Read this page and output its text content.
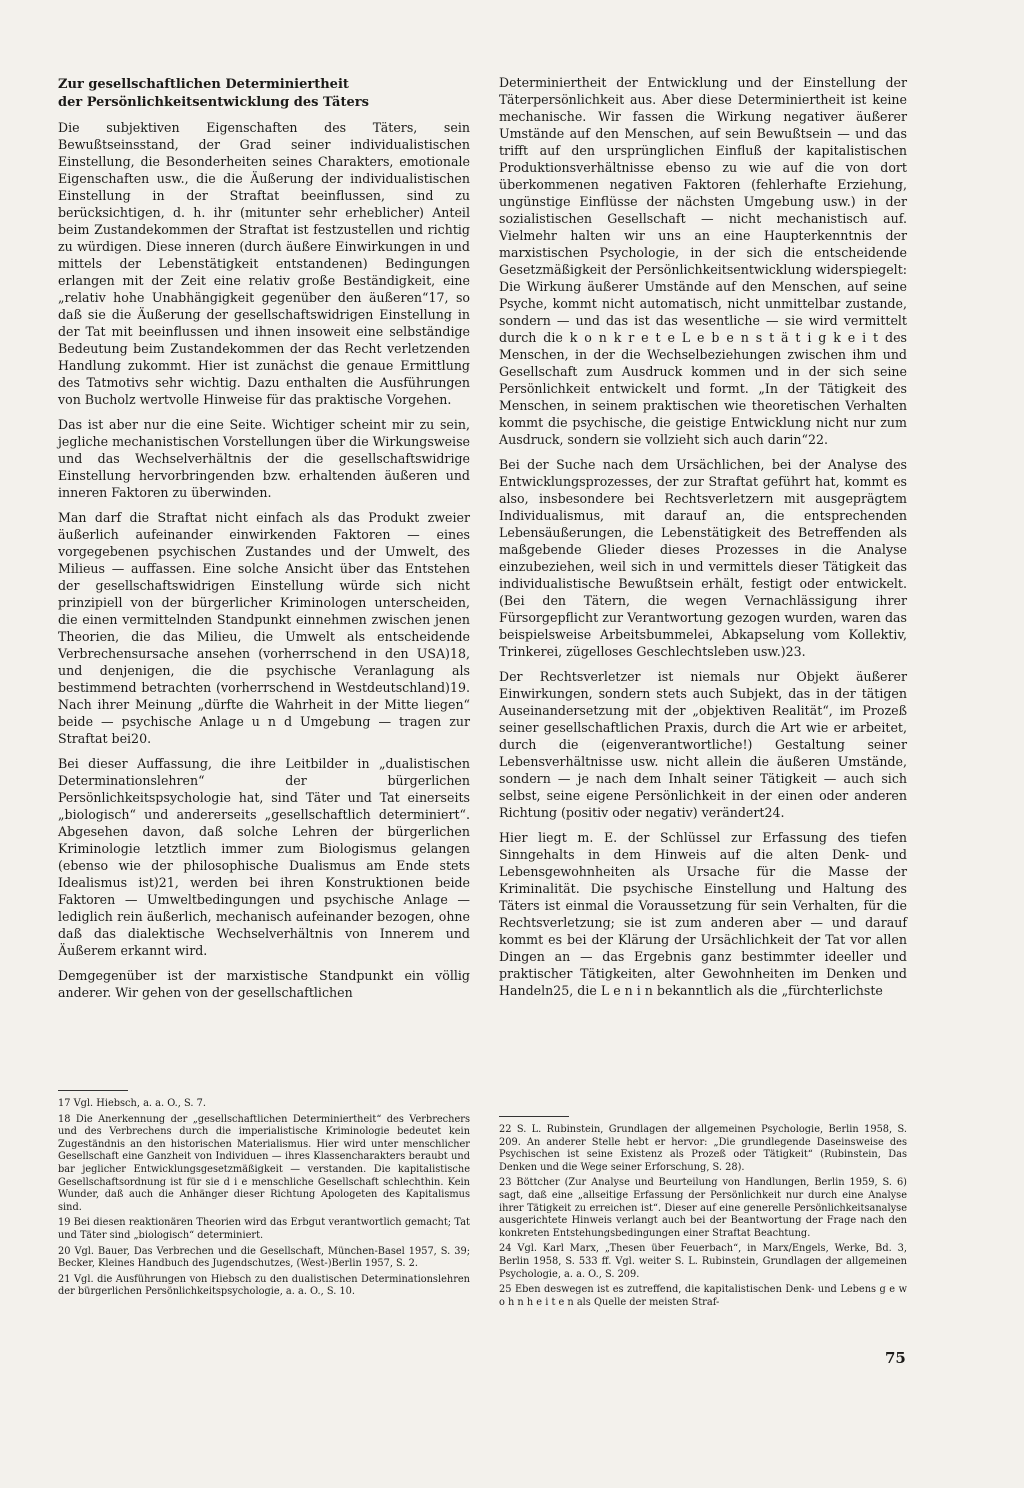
Zur gesellschaftlichen Determiniertheit
der Persönlichkeitsentwicklung des Täters

Die subjektiven Eigenschaften des Täters, sein Bewußtseinsstand, der Grad seiner individualistischen Einstellung, die Besonderheiten seines Charakters, emotionale Eigenschaften usw., die die Äußerung der individualistischen Einstellung in der Straftat beeinflussen, sind zu berücksichtigen, d. h. ihr (mitunter sehr erheblicher) Anteil beim Zustandekommen der Straftat ist festzustellen und richtig zu würdigen. Diese inneren (durch äußere Einwirkungen in und mittels der Lebenstätigkeit entstandenen) Bedingungen erlangen mit der Zeit eine relativ große Beständigkeit, eine „relativ hohe Unabhängigkeit gegenüber den äußeren“17, so daß sie die Äußerung der gesellschaftswidrigen Einstellung in der Tat mit beeinflussen und ihnen insoweit eine selbständige Bedeutung beim Zustandekommen der das Recht verletzenden Handlung zukommt. Hier ist zunächst die genaue Ermittlung des Tatmotivs sehr wichtig. Dazu enthalten die Ausführungen von Bucholz wertvolle Hinweise für das praktische Vorgehen.

Das ist aber nur die eine Seite. Wichtiger scheint mir zu sein, jegliche mechanistischen Vorstellungen über die Wirkungsweise und das Wechselverhältnis der die gesellschaftswidrige Einstellung hervorbringenden bzw. erhaltenden äußeren und inneren Faktoren zu überwinden.

Man darf die Straftat nicht einfach als das Produkt zweier äußerlich aufeinander einwirkenden Faktoren — eines vorgegebenen psychischen Zustandes und der Umwelt, des Milieus — auffassen. Eine solche Ansicht über das Entstehen der gesellschaftswidrigen Einstellung würde sich nicht prinzipiell von der bürgerlicher Kriminologen unterscheiden, die einen vermittelnden Standpunkt einnehmen zwischen jenen Theorien, die das Milieu, die Umwelt als entscheidende Verbrechensursache ansehen (vorherrschend in den USA)18, und denjenigen, die die psychische Veranlagung als bestimmend betrachten (vorherrschend in Westdeutschland)19. Nach ihrer Meinung „dürfte die Wahrheit in der Mitte liegen“ beide — psychische Anlage u n d Umgebung — tragen zur Straftat bei20.

Bei dieser Auffassung, die ihre Leitbilder in „dualistischen Determinationslehren“ der bürgerlichen Persönlichkeitspsychologie hat, sind Täter und Tat einerseits „biologisch“ und andererseits „gesellschaftlich determiniert“. Abgesehen davon, daß solche Lehren der bürgerlichen Kriminologie letztlich immer zum Biologismus gelangen (ebenso wie der philosophische Dualismus am Ende stets Idealismus ist)21, werden bei ihren Konstruktionen beide Faktoren — Umweltbedingungen und psychische Anlage — lediglich rein äußerlich, mechanisch aufeinander bezogen, ohne daß das dialektische Wechselverhältnis von Innerem und Äußerem erkannt wird.

Demgegenüber ist der marxistische Standpunkt ein völlig anderer. Wir gehen von der gesellschaftlichen

Determiniertheit der Entwicklung und der Einstellung der Täterpersönlichkeit aus. Aber diese Determiniertheit ist keine mechanische. Wir fassen die Wirkung negativer äußerer Umstände auf den Menschen, auf sein Bewußtsein — und das trifft auf den ursprünglichen Einfluß der kapitalistischen Produktionsverhältnisse ebenso zu wie auf die von dort überkommenen negativen Faktoren (fehlerhafte Erziehung, ungünstige Einflüsse der nächsten Umgebung usw.) in der sozialistischen Gesellschaft — nicht mechanistisch auf. Vielmehr halten wir uns an eine Haupterkenntnis der marxistischen Psychologie, in der sich die entscheidende Gesetzmäßigkeit der Persönlichkeitsentwicklung widerspiegelt: Die Wirkung äußerer Umstände auf den Menschen, auf seine Psyche, kommt nicht automatisch, nicht unmittelbar zustande, sondern — und das ist das wesentliche — sie wird vermittelt durch die k o n k r e t e L e b e n s t ä t i g k e i t des Menschen, in der die Wechselbeziehungen zwischen ihm und Gesellschaft zum Ausdruck kommen und in der sich seine Persönlichkeit entwickelt und formt. „In der Tätigkeit des Menschen, in seinem praktischen wie theoretischen Verhalten kommt die psychische, die geistige Entwicklung nicht nur zum Ausdruck, sondern sie vollzieht sich auch darin“22.

Bei der Suche nach dem Ursächlichen, bei der Analyse des Entwicklungsprozesses, der zur Straftat geführt hat, kommt es also, insbesondere bei Rechtsverletzern mit ausgeprägtem Individualismus, mit darauf an, die entsprechenden Lebensäußerungen, die Lebenstätigkeit des Betreffenden als maßgebende Glieder dieses Prozesses in die Analyse einzubeziehen, weil sich in und vermittels dieser Tätigkeit das individualistische Bewußtsein erhält, festigt oder entwickelt. (Bei den Tätern, die wegen Vernachlässigung ihrer Fürsorgepflicht zur Verantwortung gezogen wurden, waren das beispielsweise Arbeitsbummelei, Abkapselung vom Kollektiv, Trinkerei, zügelloses Geschlechtsleben usw.)23.

Der Rechtsverletzer ist niemals nur Objekt äußerer Einwirkungen, sondern stets auch Subjekt, das in der tätigen Auseinandersetzung mit der „objektiven Realität“, im Prozeß seiner gesellschaftlichen Praxis, durch die Art wie er arbeitet, durch die (eigenverantwortliche!) Gestaltung seiner Lebensverhältnisse usw. nicht allein die äußeren Umstände, sondern — je nach dem Inhalt seiner Tätigkeit — auch sich selbst, seine eigene Persönlichkeit in der einen oder anderen Richtung (positiv oder negativ) verändert24.

Hier liegt m. E. der Schlüssel zur Erfassung des tiefen Sinngehalts in dem Hinweis auf die alten Denk- und Lebensgewohnheiten als Ursache für die Masse der Kriminalität. Die psychische Einstellung und Haltung des Täters ist einmal die Voraussetzung für sein Verhalten, für die Rechtsverletzung; sie ist zum anderen aber — und darauf kommt es bei der Klärung der Ursächlichkeit der Tat vor allen Dingen an — das Ergebnis ganz bestimmter ideeller und praktischer Tätigkeiten, alter Gewohnheiten im Denken und Handeln25, die L e n i n bekanntlich als die „fürchterlichste

17 Vgl. Hiebsch, a. a. O., S. 7.

18 Die Anerkennung der „gesellschaftlichen Determiniertheit“ des Verbrechers und des Verbrechens durch die imperialistische Kriminologie bedeutet kein Zugeständnis an den historischen Materialismus. Hier wird unter menschlicher Gesellschaft eine Ganzheit von Individuen — ihres Klassencharakters beraubt und bar jeglicher Entwicklungsgesetzmäßigkeit — verstanden. Die kapitalistische Gesellschaftsordnung ist für sie d i e menschliche Gesellschaft schlechthin. Kein Wunder, daß auch die Anhänger dieser Richtung Apologeten des Kapitalismus sind.

19 Bei diesen reaktionären Theorien wird das Erbgut verantwortlich gemacht; Tat und Täter sind „biologisch“ determiniert.

20 Vgl. Bauer, Das Verbrechen und die Gesellschaft, München-Basel 1957, S. 39; Becker, Kleines Handbuch des Jugendschutzes, (West-)Berlin 1957, S. 2.

21 Vgl. die Ausführungen von Hiebsch zu den dualistischen Determinationslehren der bürgerlichen Persönlichkeitspsychologie, a. a. O., S. 10.

22 S. L. Rubinstein, Grundlagen der allgemeinen Psychologie, Berlin 1958, S. 209. An anderer Stelle hebt er hervor: „Die grundlegende Daseinsweise des Psychischen ist seine Existenz als Prozeß oder Tätigkeit“ (Rubinstein, Das Denken und die Wege seiner Erforschung, S. 28).

23 Böttcher (Zur Analyse und Beurteilung von Handlungen, Berlin 1959, S. 6) sagt, daß eine „allseitige Erfassung der Persönlichkeit nur durch eine Analyse ihrer Tätigkeit zu erreichen ist“. Dieser auf eine generelle Persönlichkeitsanalyse ausgerichtete Hinweis verlangt auch bei der Beantwortung der Frage nach den konkreten Entstehungsbedingungen einer Straftat Beachtung.

24 Vgl. Karl Marx, „Thesen über Feuerbach“, in Marx/Engels, Werke, Bd. 3, Berlin 1958, S. 533 ff. Vgl. weiter S. L. Rubinstein, Grundlagen der allgemeinen Psychologie, a. a. O., S. 209.

25 Eben deswegen ist es zutreffend, die kapitalistischen Denk- und Lebens g e w o h n h e i t e n als Quelle der meisten Straf-

75
